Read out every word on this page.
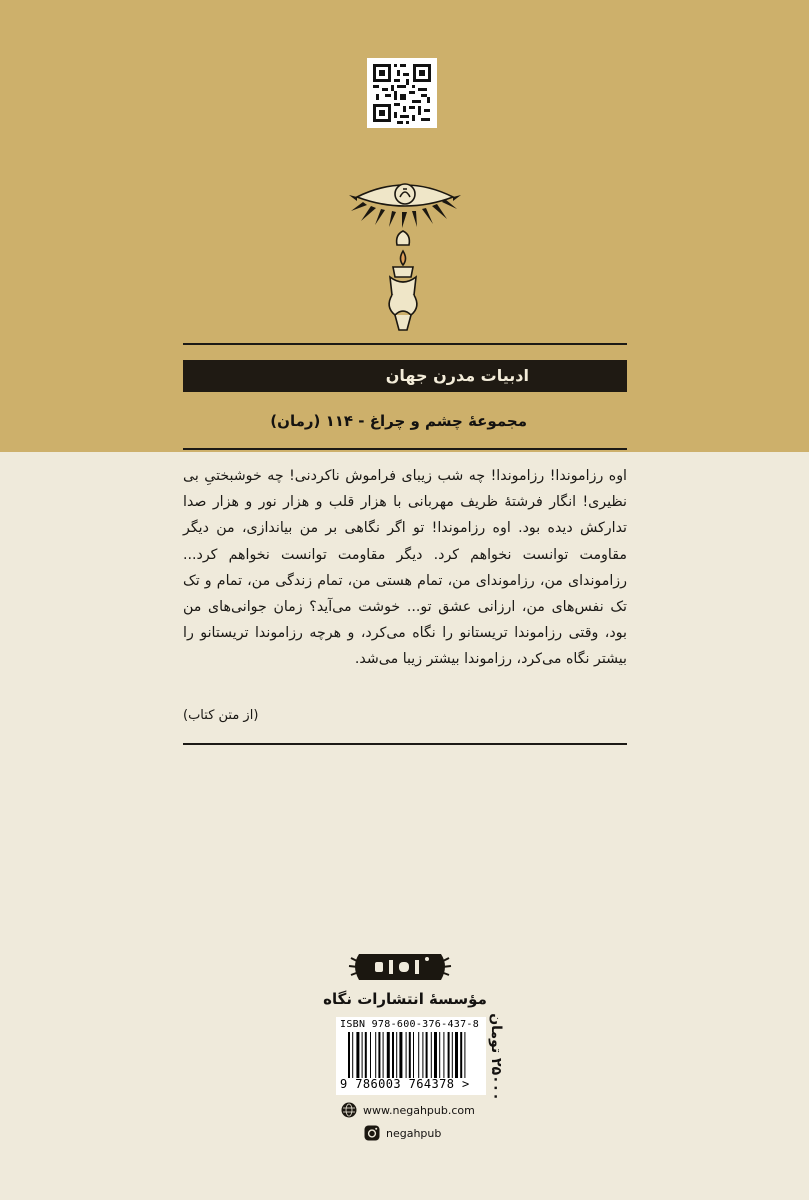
ادبیات مدرن جهان
مجموعۀ چشم و چراغ - ۱۱۴ (رمان)

اوه رزاموندا! رزاموندا! چه شب زیبای فراموش ناکردنی! چه خوشبختیِ بی نظیری! انگار فرشتۀ ظریف مهربانی با هزار قلب و هزار نور و هزار صدا تدارکش دیده بود. اوه رزاموندا! تو اگر نگاهی بر من بیاندازی، من دیگر مقاومت توانست نخواهم کرد. دیگر مقاومت توانست نخواهم کرد... رزاموندای من، رزاموندای من، تمام هستی من، تمام زندگی من، تمام و تک تک نفس‌های من، ارزانی عشق تو... خوشت می‌آید؟ زمان جوانی‌های من بود، وقتی رزاموندا تریستانو را نگاه می‌کرد، و هرچه رزاموندا تریستانو را بیشتر نگاه می‌کرد، رزاموندا بیشتر زیبا می‌شد.

(از متن کتاب)
مؤسسۀ انتشارات نگاه
ISBN 978-600-376-437-8
9 786003 764378 >
۲۵۰۰۰ تومان
www.negahpub.com
negahpub
